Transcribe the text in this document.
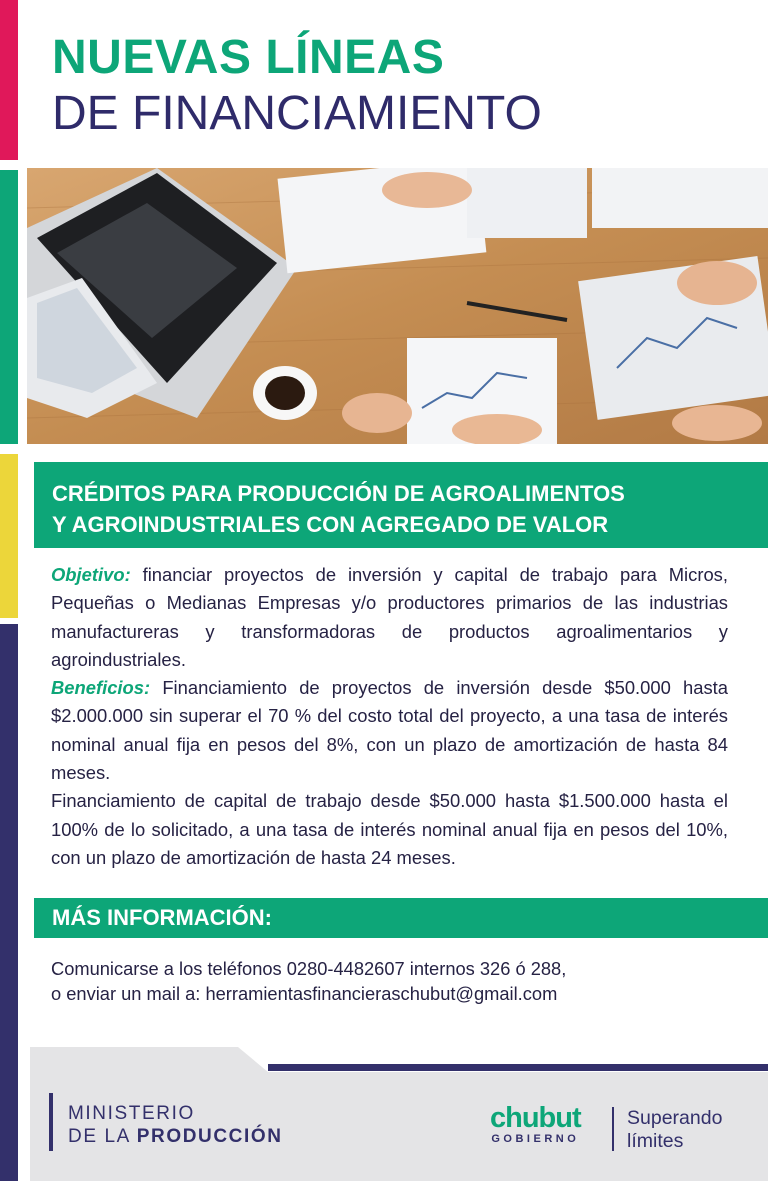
NUEVAS LÍNEAS
DE FINANCIAMIENTO
CRÉDITOS PARA PRODUCCIÓN DE AGROALIMENTOS
Y AGROINDUSTRIALES CON AGREGADO DE VALOR

Objetivo: financiar proyectos de inversión y capital de trabajo para Micros, Pequeñas o Medianas Empresas y/o productores primarios de las industrias manufactureras y transformadoras de productos agroalimentarios y agroindustriales.

Beneficios: Financiamiento de proyectos de inversión desde $50.000 hasta $2.000.000 sin superar el 70 % del costo total del proyecto, a una tasa de interés nominal anual fija en pesos del 8%, con un plazo de amortización de hasta 84 meses.

Financiamiento de capital de trabajo desde $50.000 hasta $1.500.000 hasta el 100% de lo solicitado, a una tasa de interés nominal anual fija en pesos del 10%, con un plazo de amortización de hasta 24 meses.

MÁS INFORMACIÓN:
Comunicarse a los teléfonos 0280-4482607 internos 326 ó 288,
o enviar un mail a: herramientasfinancieraschubut@gmail.com
MINISTERIO
DE LA PRODUCCIÓN
chubut
GOBIERNO
Superando
límites
